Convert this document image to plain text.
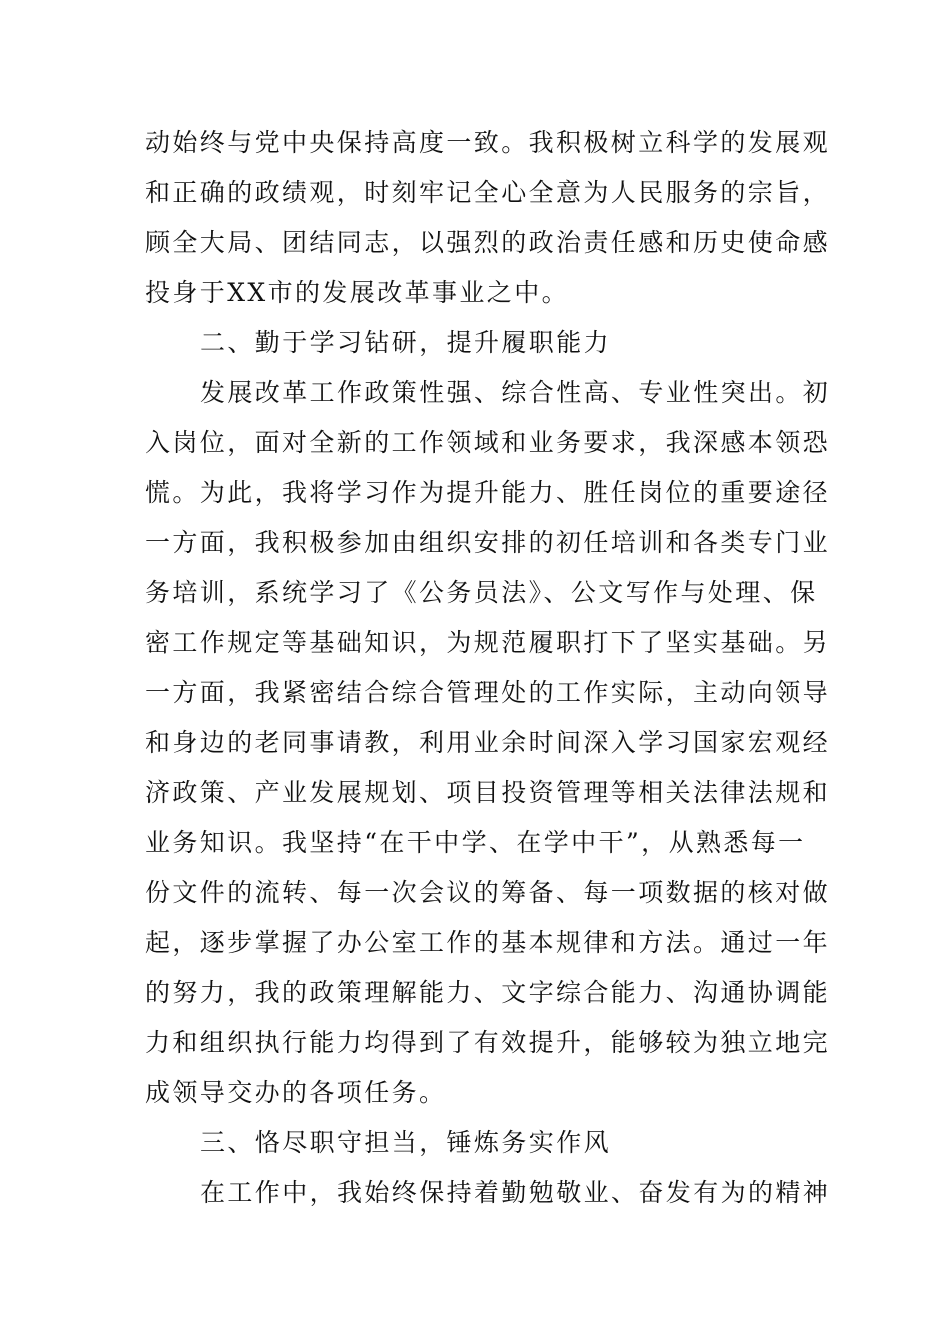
动始终与党中央保持高度一致。我积极树立科学的发展观
和正确的政绩观，时刻牢记全心全意为人民服务的宗旨，
顾全大局、团结同志，以强烈的政治责任感和历史使命感
投身于XX市的发展改革事业之中。
二、勤于学习钻研，提升履职能力
发展改革工作政策性强、综合性高、专业性突出。初
入岗位，面对全新的工作领域和业务要求，我深感本领恐
慌。为此，我将学习作为提升能力、胜任岗位的重要途径
一方面，我积极参加由组织安排的初任培训和各类专门业
务培训，系统学习了《公务员法》、公文写作与处理、保
密工作规定等基础知识，为规范履职打下了坚实基础。另
一方面，我紧密结合综合管理处的工作实际，主动向领导
和身边的老同事请教，利用业余时间深入学习国家宏观经
济政策、产业发展规划、项目投资管理等相关法律法规和
业务知识。我坚持“在干中学、在学中干”，从熟悉每一
份文件的流转、每一次会议的筹备、每一项数据的核对做
起，逐步掌握了办公室工作的基本规律和方法。通过一年
的努力，我的政策理解能力、文字综合能力、沟通协调能
力和组织执行能力均得到了有效提升，能够较为独立地完
成领导交办的各项任务。
三、恪尽职守担当，锤炼务实作风
在工作中，我始终保持着勤勉敬业、奋发有为的精神
